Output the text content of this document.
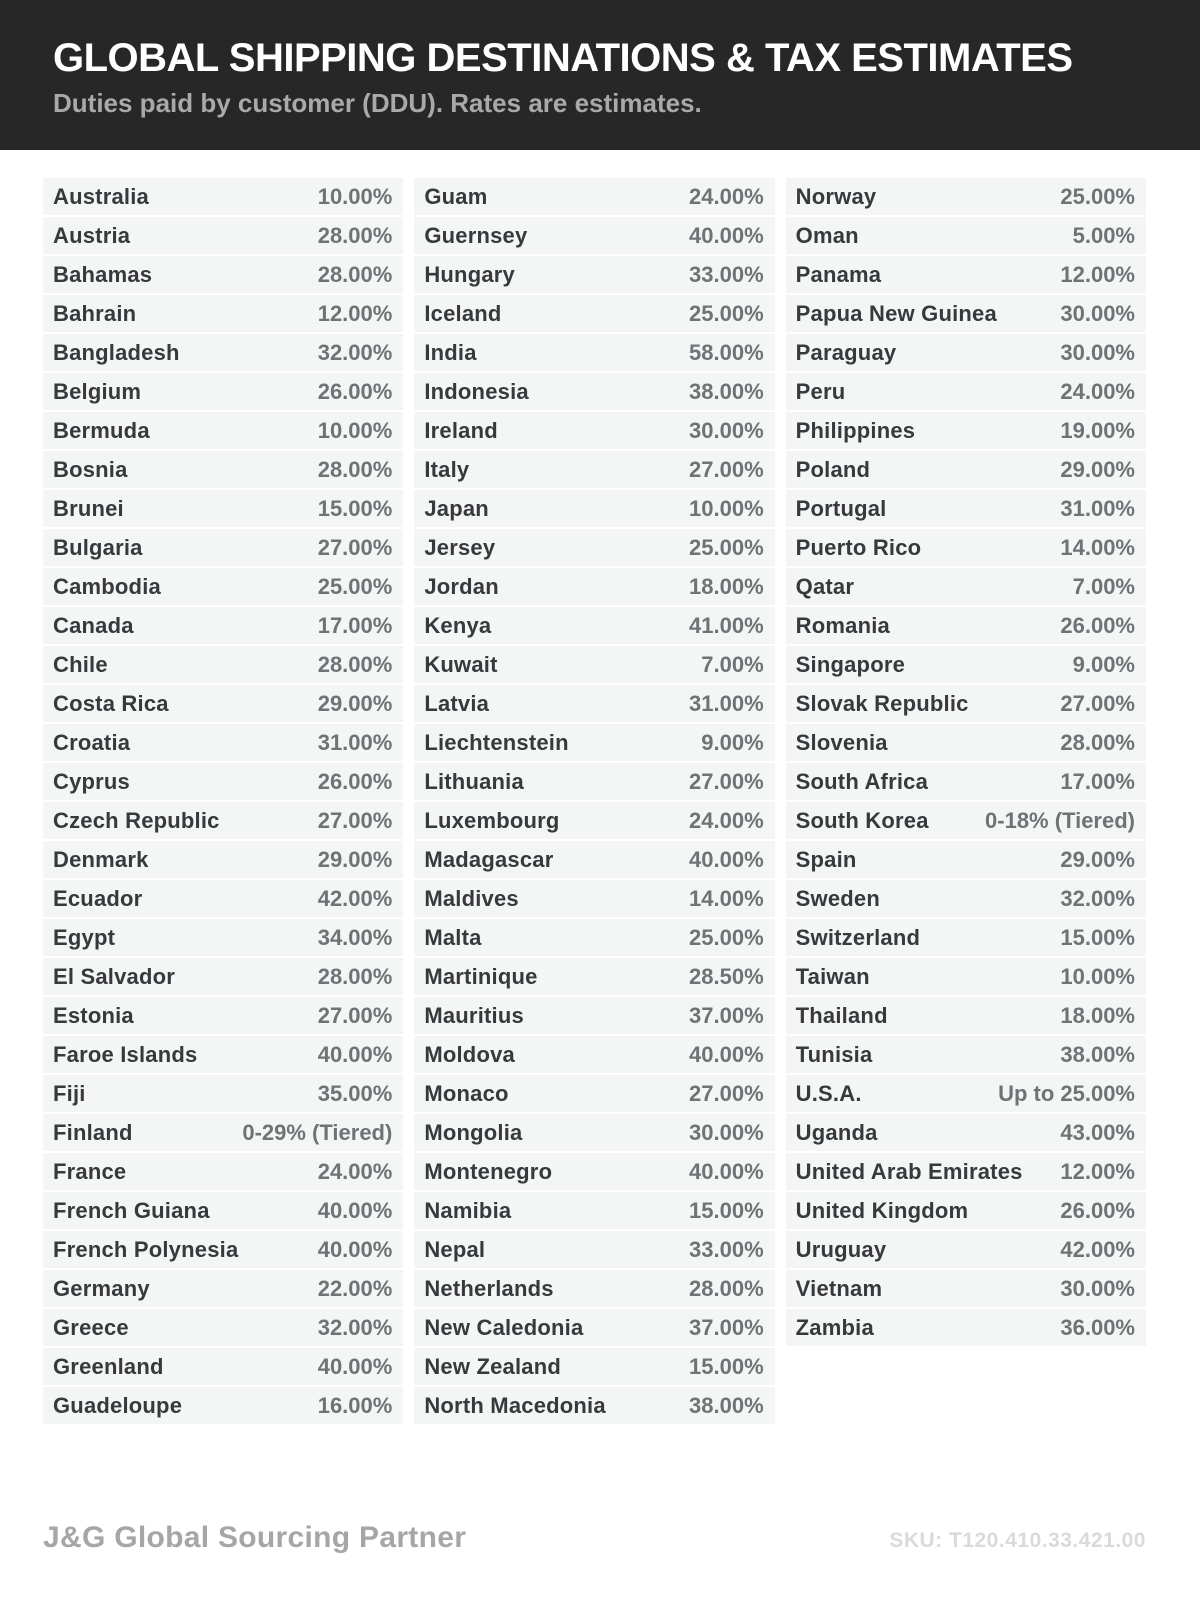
GLOBAL SHIPPING DESTINATIONS & TAX ESTIMATES

Duties paid by customer (DDU). Rates are estimates.

Australia	10.00%
Austria	28.00%
Bahamas	28.00%
Bahrain	12.00%
Bangladesh	32.00%
Belgium	26.00%
Bermuda	10.00%
Bosnia	28.00%
Brunei	15.00%
Bulgaria	27.00%
Cambodia	25.00%
Canada	17.00%
Chile	28.00%
Costa Rica	29.00%
Croatia	31.00%
Cyprus	26.00%
Czech Republic	27.00%
Denmark	29.00%
Ecuador	42.00%
Egypt	34.00%
El Salvador	28.00%
Estonia	27.00%
Faroe Islands	40.00%
Fiji	35.00%
Finland	0-29% (Tiered)
France	24.00%
French Guiana	40.00%
French Polynesia	40.00%
Germany	22.00%
Greece	32.00%
Greenland	40.00%
Guadeloupe	16.00%
Guam	24.00%
Guernsey	40.00%
Hungary	33.00%
Iceland	25.00%
India	58.00%
Indonesia	38.00%
Ireland	30.00%
Italy	27.00%
Japan	10.00%
Jersey	25.00%
Jordan	18.00%
Kenya	41.00%
Kuwait	7.00%
Latvia	31.00%
Liechtenstein	9.00%
Lithuania	27.00%
Luxembourg	24.00%
Madagascar	40.00%
Maldives	14.00%
Malta	25.00%
Martinique	28.50%
Mauritius	37.00%
Moldova	40.00%
Monaco	27.00%
Mongolia	30.00%
Montenegro	40.00%
Namibia	15.00%
Nepal	33.00%
Netherlands	28.00%
New Caledonia	37.00%
New Zealand	15.00%
North Macedonia	38.00%
Norway	25.00%
Oman	5.00%
Panama	12.00%
Papua New Guinea	30.00%
Paraguay	30.00%
Peru	24.00%
Philippines	19.00%
Poland	29.00%
Portugal	31.00%
Puerto Rico	14.00%
Qatar	7.00%
Romania	26.00%
Singapore	9.00%
Slovak Republic	27.00%
Slovenia	28.00%
South Africa	17.00%
South Korea	0-18% (Tiered)
Spain	29.00%
Sweden	32.00%
Switzerland	15.00%
Taiwan	10.00%
Thailand	18.00%
Tunisia	38.00%
U.S.A.	Up to 25.00%
Uganda	43.00%
United Arab Emirates 12.00%
United Kingdom	26.00%
Uruguay	42.00%
Vietnam	30.00%
Zambia	36.00%
J&G Global Sourcing Partner	SKU: T120.410.33.421.00
